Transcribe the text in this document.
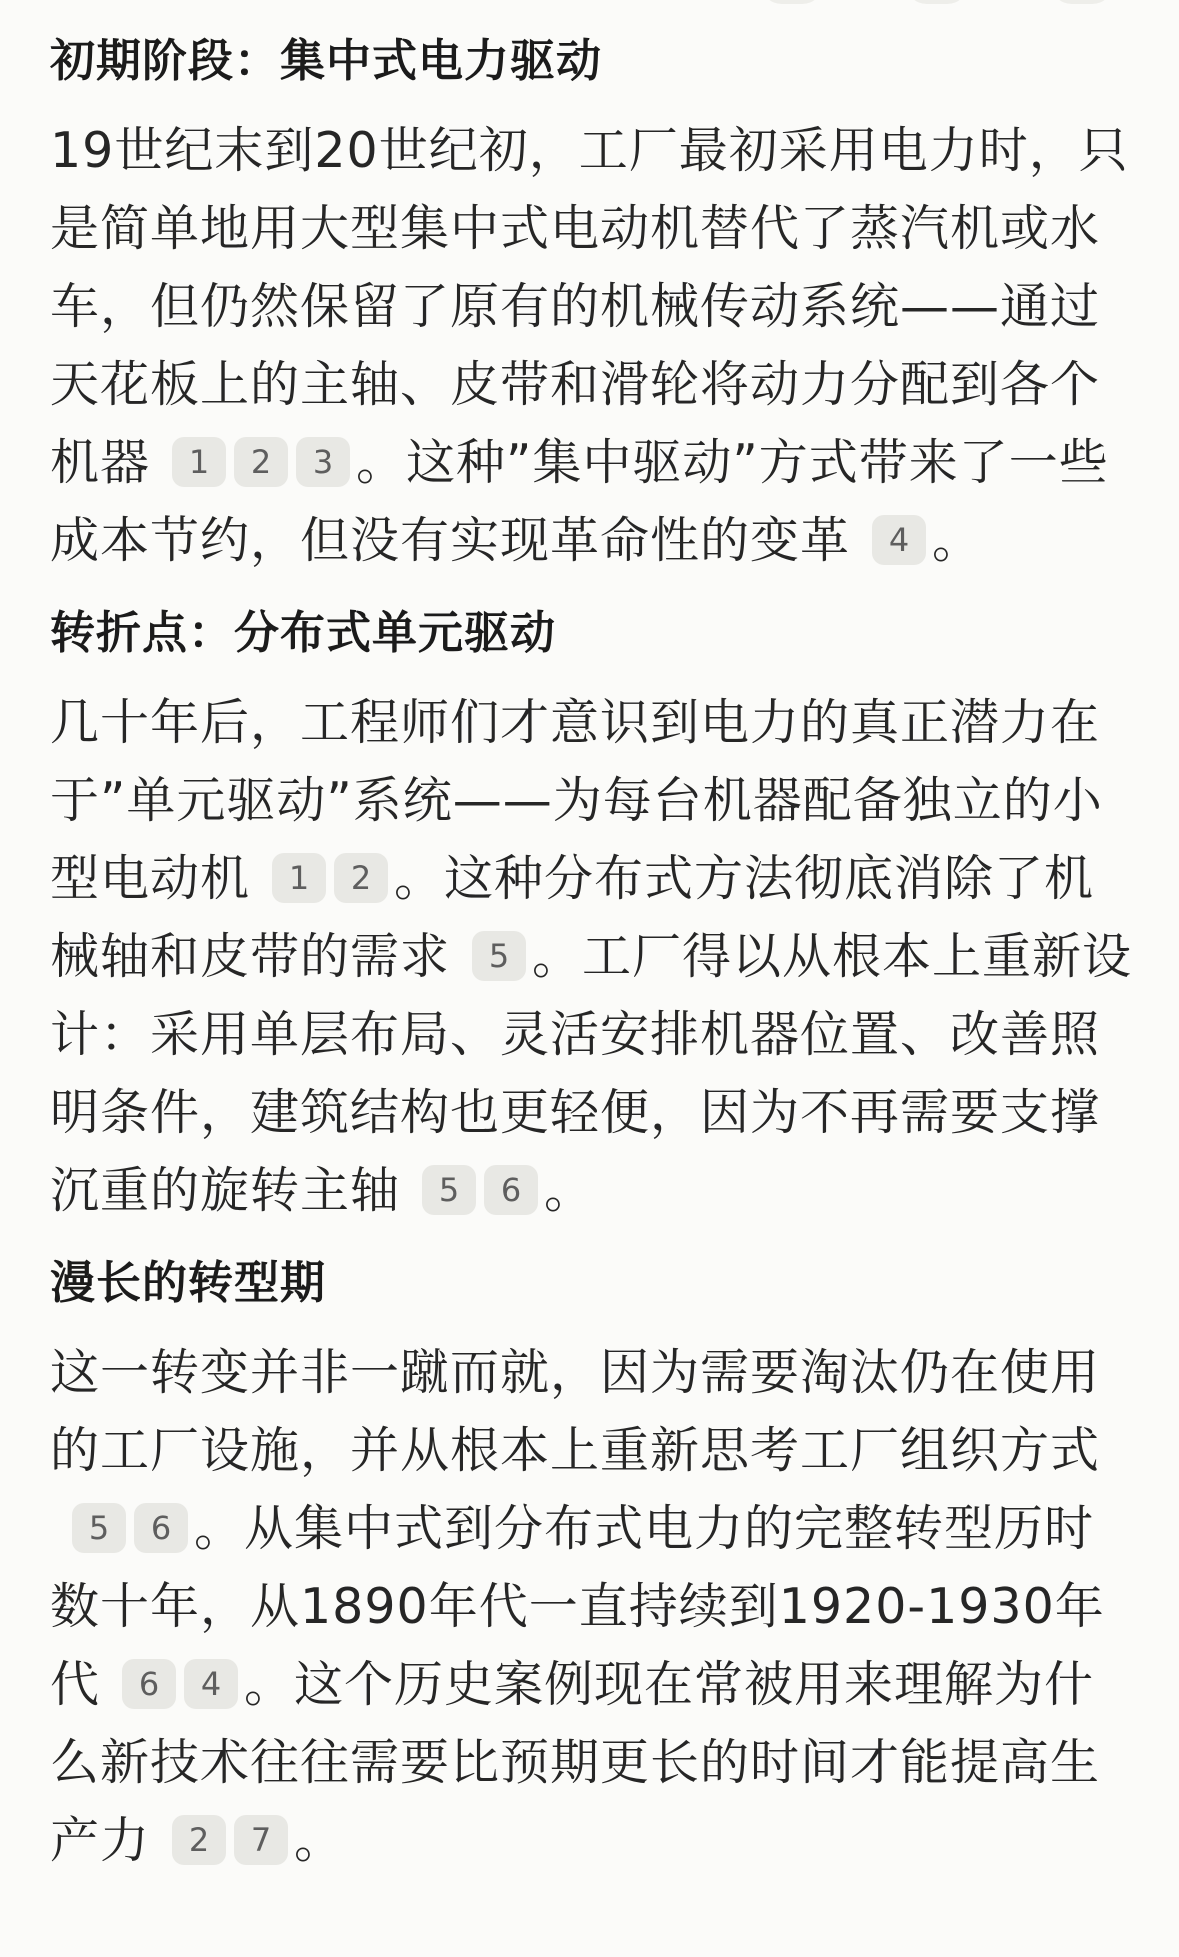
初期阶段：集中式电力驱动

19世纪末到20世纪初，工厂最初采用电力时，只是简单地用大型集中式电动机替代了蒸汽机或水车，但仍然保留了原有的机械传动系统——通过天花板上的主轴、皮带和滑轮将动力分配到各个机器 1 2 3 。这种”集中驱动”方式带来了一些成本节约，但没有实现革命性的变革 4 。

转折点：分布式单元驱动

几十年后，工程师们才意识到电力的真正潜力在于”单元驱动”系统——为每台机器配备独立的小型电动机 1 2 。这种分布式方法彻底消除了机械轴和皮带的需求 5 。工厂得以从根本上重新设计：采用单层布局、灵活安排机器位置、改善照明条件，建筑结构也更轻便，因为不再需要支撑沉重的旋转主轴 5 6 。

漫长的转型期

这一转变并非一蹴而就，因为需要淘汰仍在使用的工厂设施，并从根本上重新思考工厂组织方式5 6 。从集中式到分布式电力的完整转型历时数十年，从1890年代一直持续到1920-1930年代 6 4 。这个历史案例现在常被用来理解为什么新技术往往需要比预期更长的时间才能提高生产力 2 7 。
